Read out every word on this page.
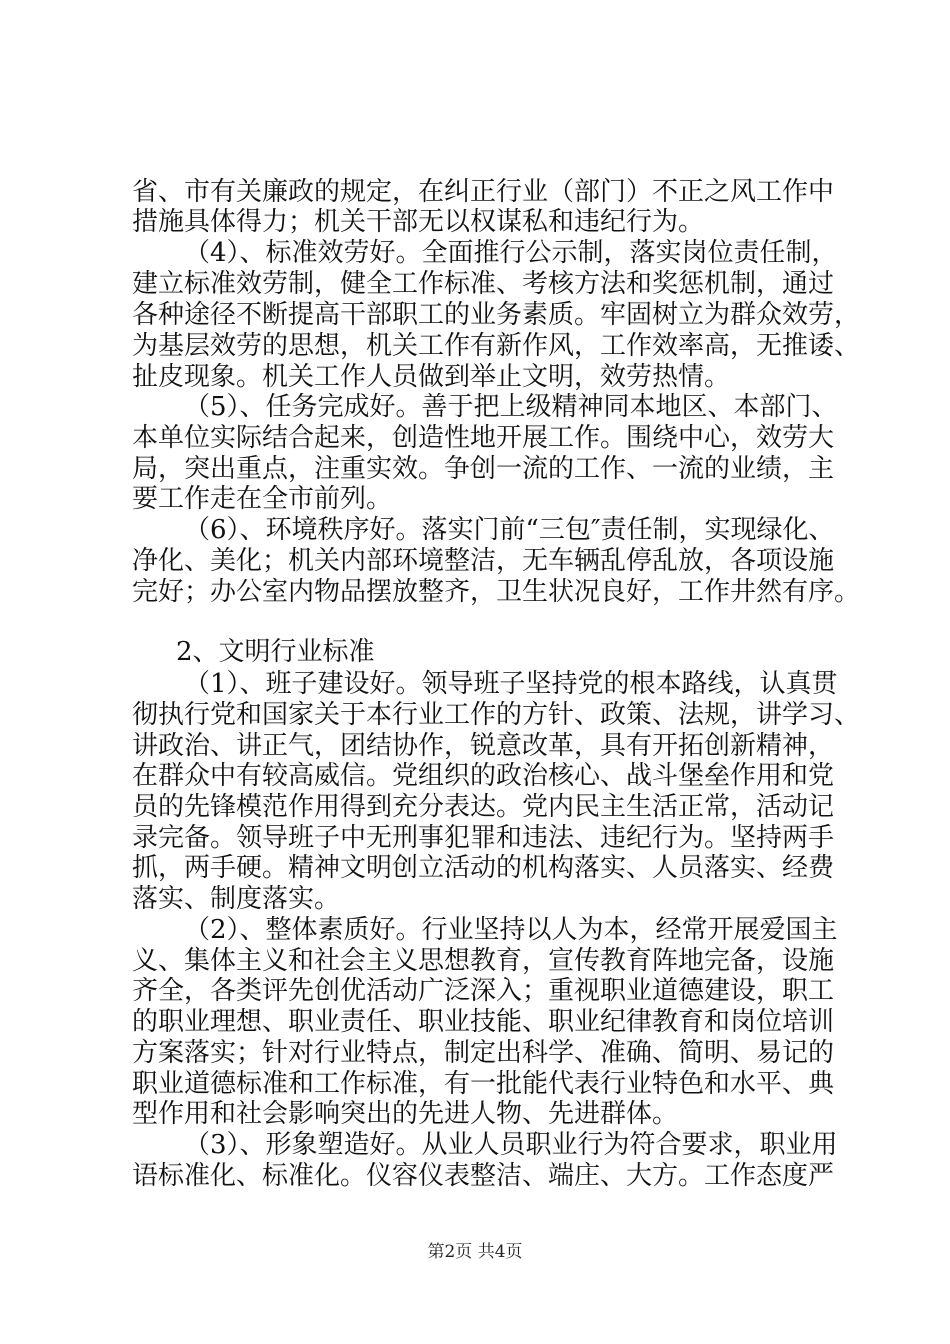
省、市有关廉政的规定，在纠正行业（部门）不正之风工作中
措施具体得力；机关干部无以权谋私和违纪行为。
（4）、标准效劳好。全面推行公示制，落实岗位责任制，
建立标准效劳制，健全工作标准、考核方法和奖惩机制，通过
各种途径不断提高干部职工的业务素质。牢固树立为群众效劳，
为基层效劳的思想，机关工作有新作风，工作效率高，无推诿、
扯皮现象。机关工作人员做到举止文明，效劳热情。
（5）、任务完成好。善于把上级精神同本地区、本部门、
本单位实际结合起来，创造性地开展工作。围绕中心，效劳大
局，突出重点，注重实效。争创一流的工作、一流的业绩，主
要工作走在全市前列。
（6）、环境秩序好。落实门前“三包″责任制，实现绿化、
净化、美化；机关内部环境整洁，无车辆乱停乱放，各项设施
完好；办公室内物品摆放整齐，卫生状况良好，工作井然有序。
2、文明行业标准
（1）、班子建设好。领导班子坚持党的根本路线，认真贯
彻执行党和国家关于本行业工作的方针、政策、法规，讲学习、
讲政治、讲正气，团结协作，锐意改革，具有开拓创新精神，
在群众中有较高威信。党组织的政治核心、战斗堡垒作用和党
员的先锋模范作用得到充分表达。党内民主生活正常，活动记
录完备。领导班子中无刑事犯罪和违法、违纪行为。坚持两手
抓，两手硬。精神文明创立活动的机构落实、人员落实、经费
落实、制度落实。
（2）、整体素质好。行业坚持以人为本，经常开展爱国主
义、集体主义和社会主义思想教育，宣传教育阵地完备，设施
齐全，各类评先创优活动广泛深入；重视职业道德建设，职工
的职业理想、职业责任、职业技能、职业纪律教育和岗位培训
方案落实；针对行业特点，制定出科学、准确、简明、易记的
职业道德标准和工作标准，有一批能代表行业特色和水平、典
型作用和社会影响突出的先进人物、先进群体。
（3）、形象塑造好。从业人员职业行为符合要求，职业用
语标准化、标准化。仪容仪表整洁、端庄、大方。工作态度严
第2页 共4页
